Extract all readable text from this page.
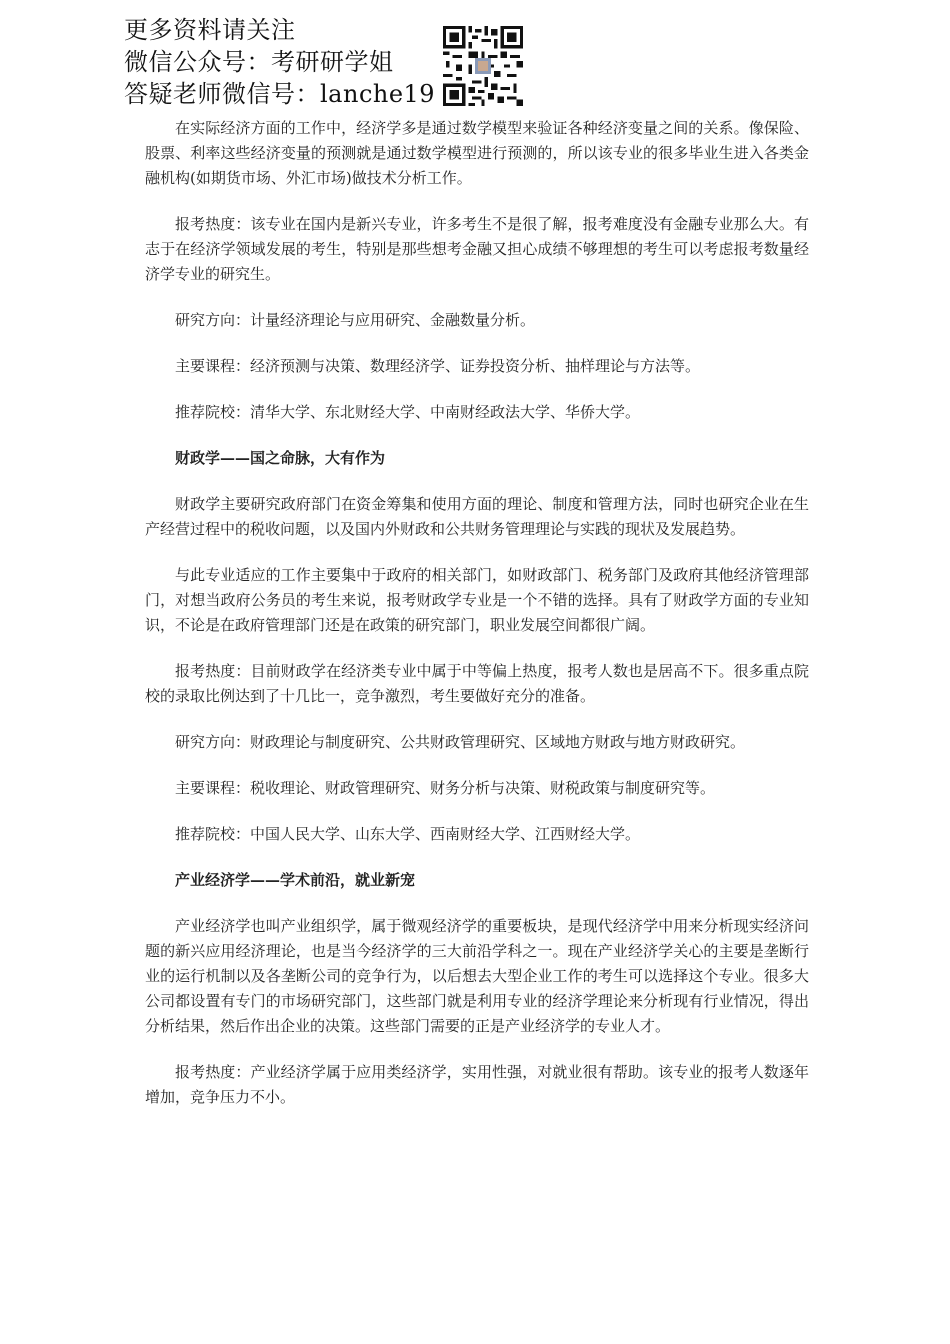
更多资料请关注
微信公众号：考研研学姐
答疑老师微信号：lanche19

在实际经济方面的工作中，经济学多是通过数学模型来验证各种经济变量之间的关系。像保险、股票、利率这些经济变量的预测就是通过数学模型进行预测的，所以该专业的很多毕业生进入各类金融机构(如期货市场、外汇市场)做技术分析工作。

报考热度：该专业在国内是新兴专业，许多考生不是很了解，报考难度没有金融专业那么大。有志于在经济学领域发展的考生，特别是那些想考金融又担心成绩不够理想的考生可以考虑报考数量经济学专业的研究生。

研究方向：计量经济理论与应用研究、金融数量分析。

主要课程：经济预测与决策、数理经济学、证券投资分析、抽样理论与方法等。

推荐院校：清华大学、东北财经大学、中南财经政法大学、华侨大学。

财政学——国之命脉，大有作为

财政学主要研究政府部门在资金筹集和使用方面的理论、制度和管理方法，同时也研究企业在生产经营过程中的税收问题，以及国内外财政和公共财务管理理论与实践的现状及发展趋势。

与此专业适应的工作主要集中于政府的相关部门，如财政部门、税务部门及政府其他经济管理部门，对想当政府公务员的考生来说，报考财政学专业是一个不错的选择。具有了财政学方面的专业知识，不论是在政府管理部门还是在政策的研究部门，职业发展空间都很广阔。

报考热度：目前财政学在经济类专业中属于中等偏上热度，报考人数也是居高不下。很多重点院校的录取比例达到了十几比一，竞争激烈，考生要做好充分的准备。

研究方向：财政理论与制度研究、公共财政管理研究、区域地方财政与地方财政研究。

主要课程：税收理论、财政管理研究、财务分析与决策、财税政策与制度研究等。

推荐院校：中国人民大学、山东大学、西南财经大学、江西财经大学。

产业经济学——学术前沿，就业新宠

产业经济学也叫产业组织学，属于微观经济学的重要板块，是现代经济学中用来分析现实经济问题的新兴应用经济理论，也是当今经济学的三大前沿学科之一。现在产业经济学关心的主要是垄断行业的运行机制以及各垄断公司的竞争行为，以后想去大型企业工作的考生可以选择这个专业。很多大公司都设置有专门的市场研究部门，这些部门就是利用专业的经济学理论来分析现有行业情况，得出分析结果，然后作出企业的决策。这些部门需要的正是产业经济学的专业人才。

报考热度：产业经济学属于应用类经济学，实用性强，对就业很有帮助。该专业的报考人数逐年增加，竞争压力不小。
